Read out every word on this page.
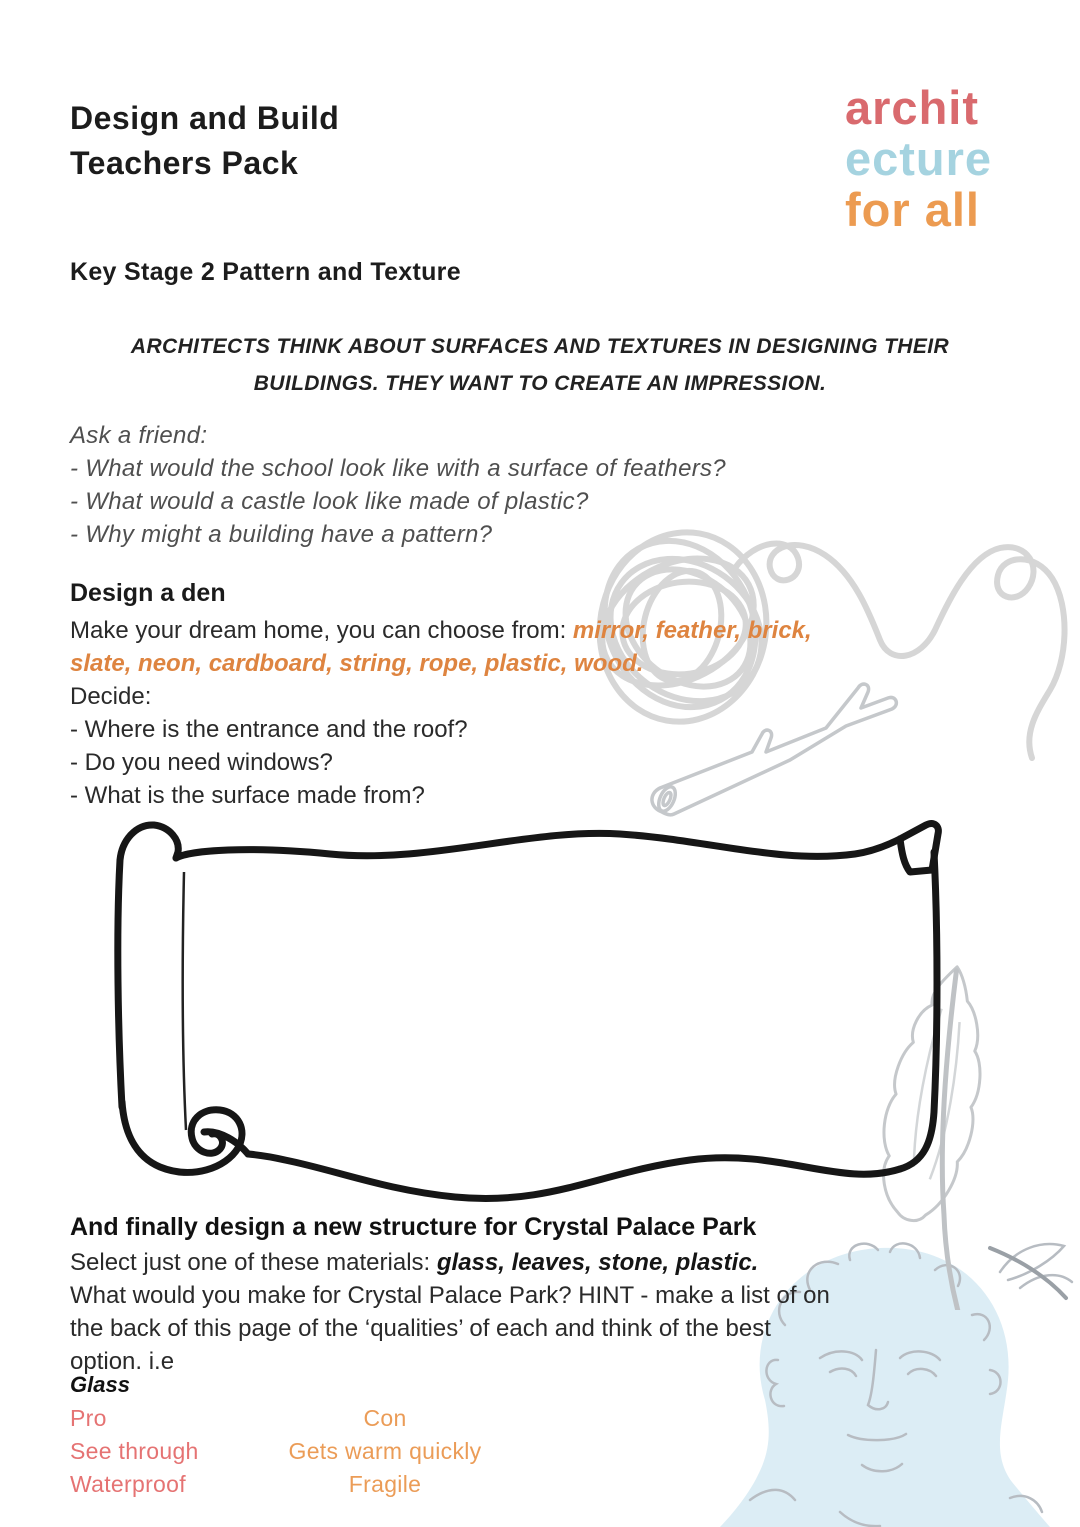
Design and Build
Teachers Pack
archit
ecture
for all
Key Stage 2 Pattern and Texture
ARCHITECTS THINK ABOUT SURFACES AND TEXTURES IN DESIGNING THEIR
BUILDINGS. THEY WANT TO CREATE AN IMPRESSION.
Ask a friend:
- What would the school look like with a surface of feathers?
- What would a castle look like made of plastic?
- Why might a building have a pattern?
Design a den
Make your dream home, you can choose from: mirror, feather, brick,
slate, neon, cardboard, string, rope, plastic, wood.
Decide:
- Where is the entrance and the roof?
- Do you need windows?
- What is the surface made from?
And finally design a new structure for Crystal Palace Park
Select just one of these materials: glass, leaves, stone, plastic.
What would you make for Crystal Palace Park? HINT - make a list of on
the back of this page of the ‘qualities’ of each and think of the best
option. i.e
Glass
Pro	Con
See through	Gets warm quickly
Waterproof	Fragile
